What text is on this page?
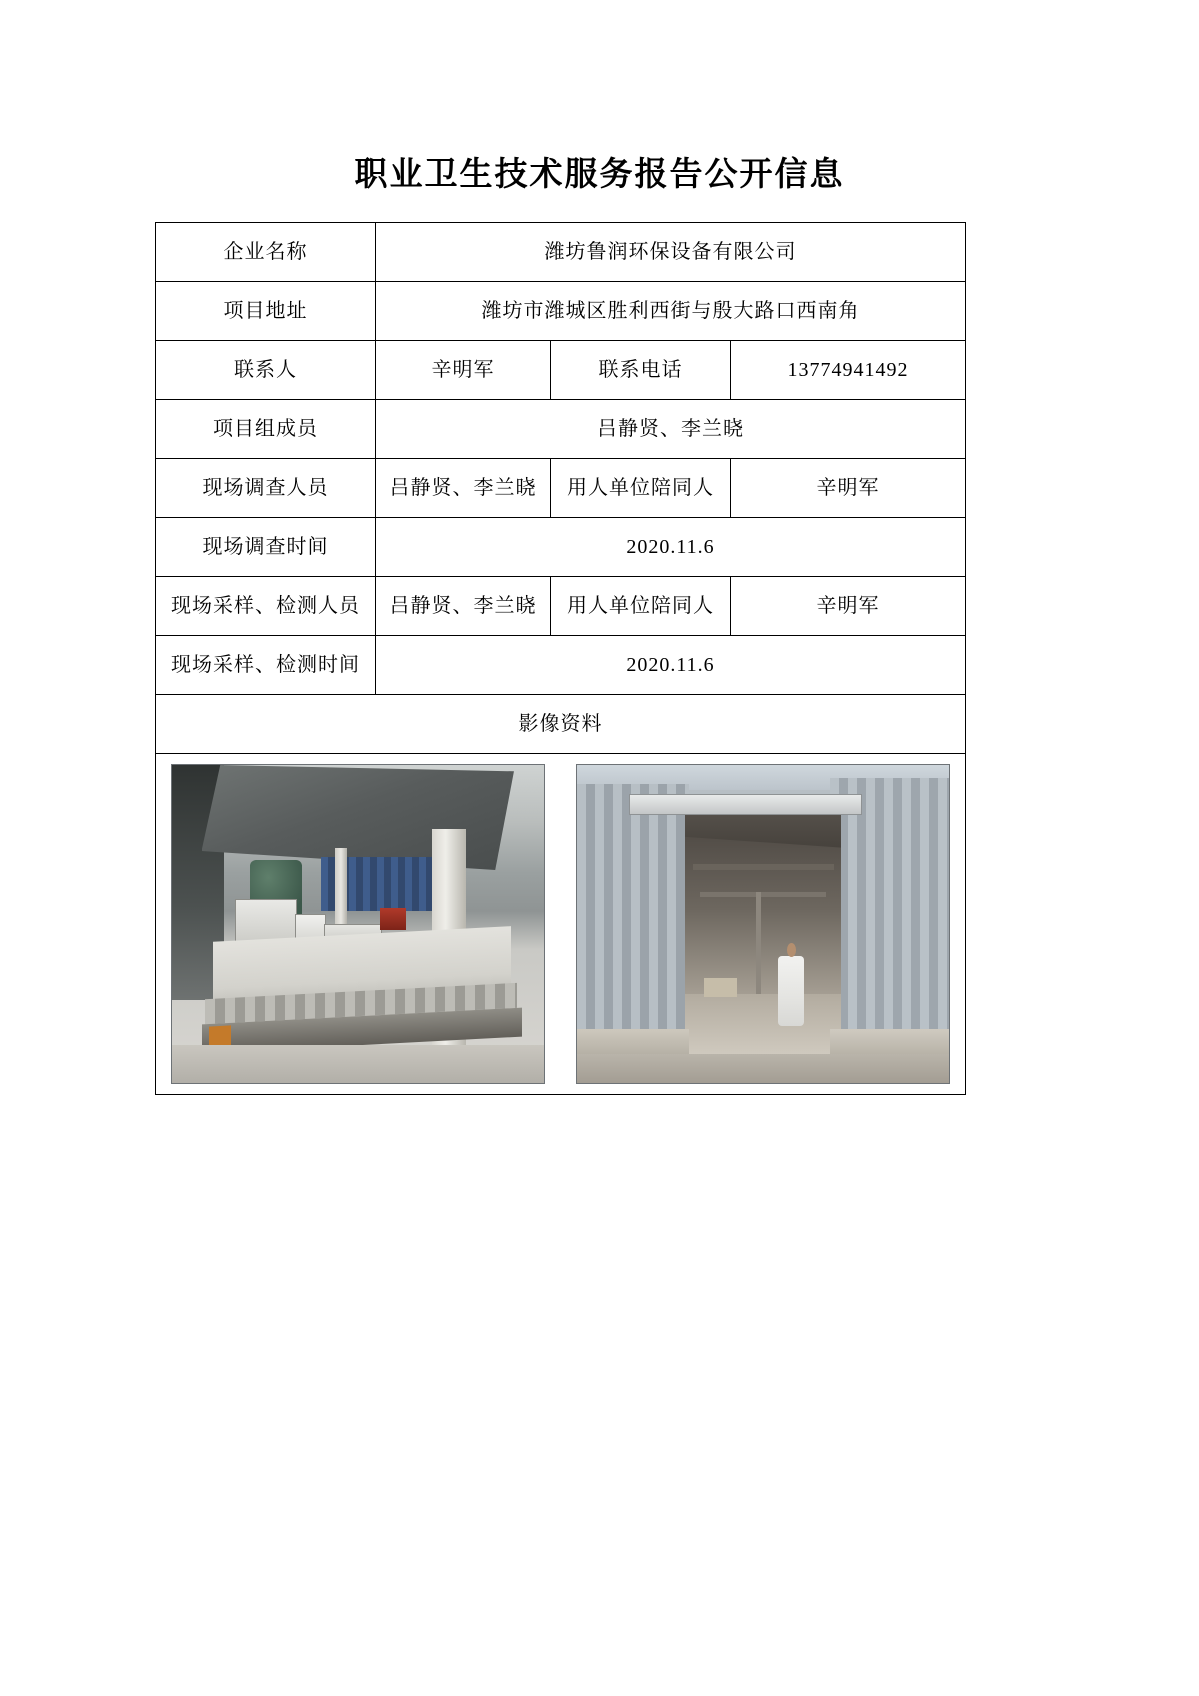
职业卫生技术服务报告公开信息
企业名称	潍坊鲁润环保设备有限公司		
项目地址	潍坊市潍城区胜利西街与殷大路口西南角		
联系人	辛明军	联系电话	13774941492
项目组成员	吕静贤、李兰晓		
现场调查人员	吕静贤、李兰晓	用人单位陪同人	辛明军
现场调查时间	2020.11.6		
现场采样、检测人员	吕静贤、李兰晓	用人单位陪同人	辛明军
现场采样、检测时间	2020.11.6		
影像资料			
